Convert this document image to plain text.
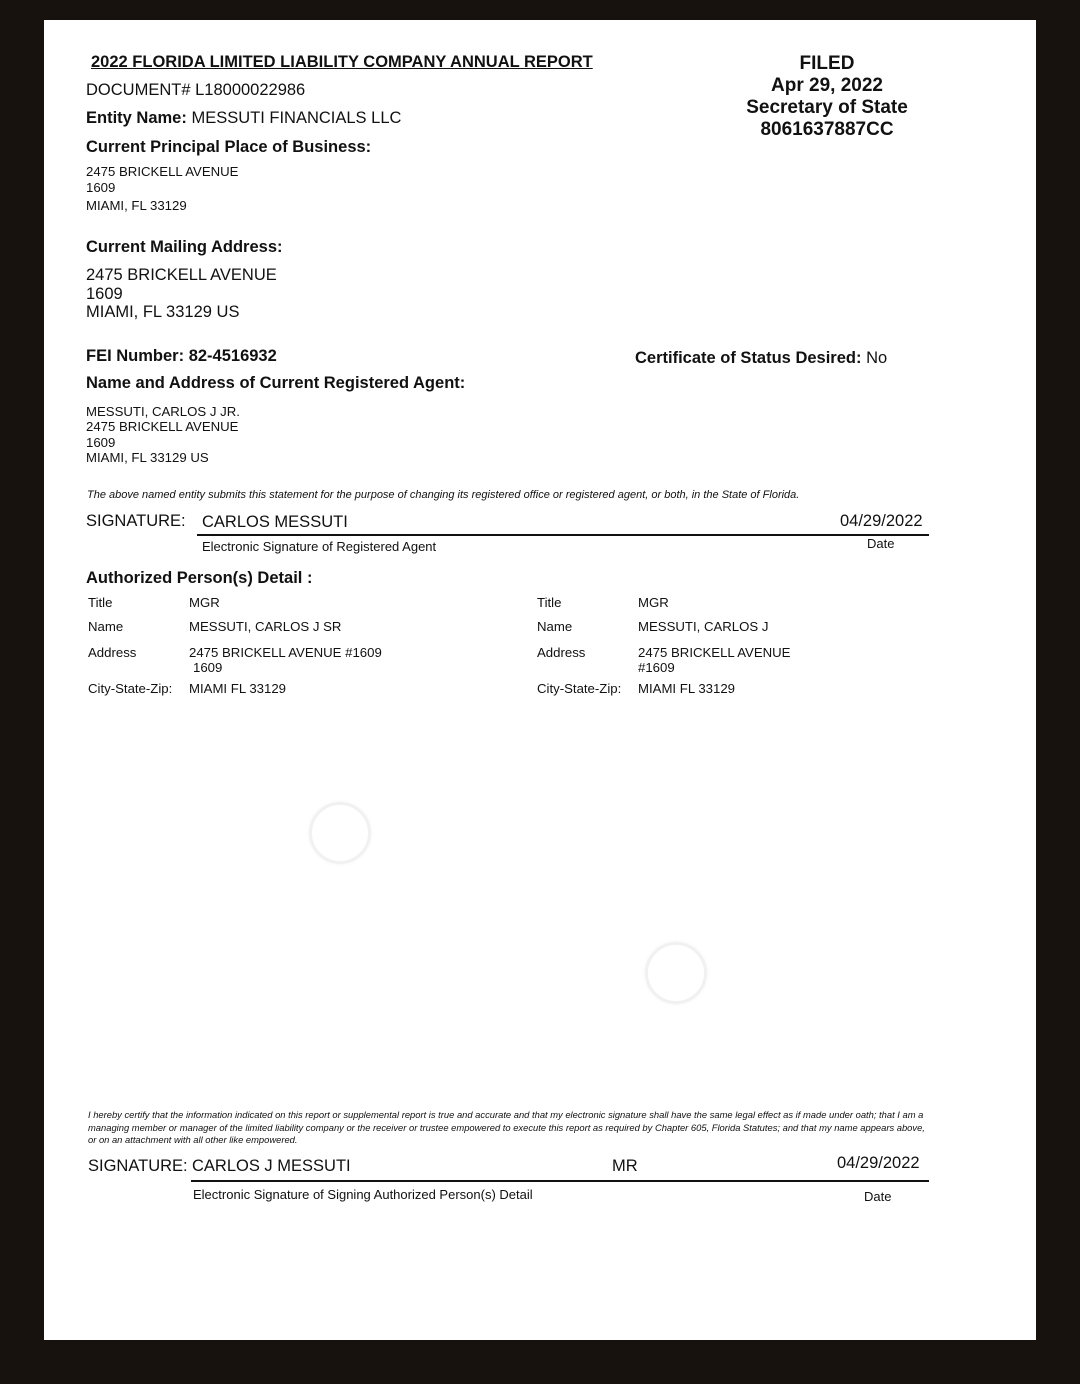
2022 FLORIDA LIMITED LIABILITY COMPANY ANNUAL REPORT	FILED
Apr 29, 2022
Secretary of State
8061637887CC
DOCUMENT# L18000022986
Entity Name: MESSUTI FINANCIALS LLC
Current Principal Place of Business:
2475 BRICKELL AVENUE
1609
MIAMI, FL 33129
Current Mailing Address:
2475 BRICKELL AVENUE
1609
MIAMI, FL 33129 US
FEI Number: 82-4516932	Certificate of Status Desired: No
Name and Address of Current Registered Agent:
MESSUTI, CARLOS J JR.
2475 BRICKELL AVENUE
1609
MIAMI, FL 33129 US
The above named entity submits this statement for the purpose of changing its registered office or registered agent, or both, in the State of Florida.
SIGNATURE: CARLOS MESSUTI	04/29/2022
Electronic Signature of Registered Agent	Date
Authorized Person(s) Detail :
Title	MGR
Name	MESSUTI, CARLOS J SR
Address	2475 BRICKELL AVENUE #1609
1609
City-State-Zip: MIAMI FL 33129
Title	MGR
Name	MESSUTI, CARLOS J
Address	2475 BRICKELL AVENUE
#1609
City-State-Zip: MIAMI FL 33129
I hereby certify that the information indicated on this report or supplemental report is true and accurate and that my electronic signature shall have the same legal effect as if made under oath; that I am a managing member or manager of the limited liability company or the receiver or trustee empowered to execute this report as required by Chapter 605, Florida Statutes; and that my name appears above, or on an attachment with all other like empowered.
SIGNATURE: CARLOS J MESSUTI	MR	04/29/2022
Electronic Signature of Signing Authorized Person(s) Detail	Date
